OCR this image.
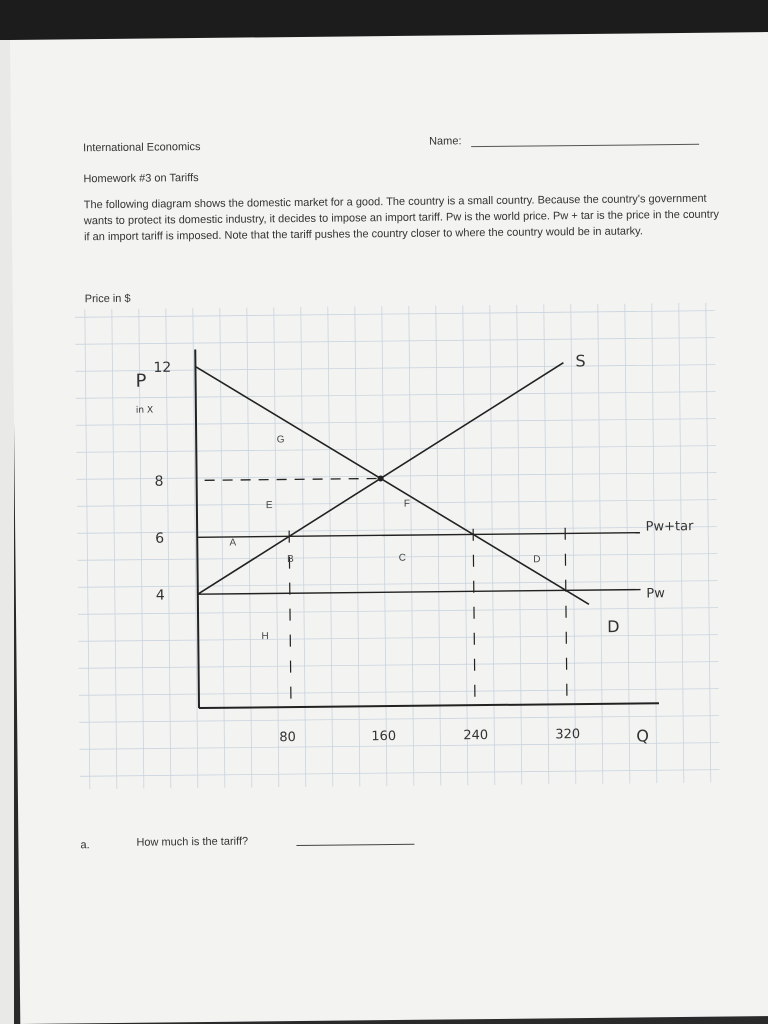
International Economics	Name:
Homework #3 on Tariffs
The following diagram shows the domestic market for a good. The country is a small country. Because the country's government wants to protect its domestic industry, it decides to impose an import tariff. Pw is the world price. Pw + tar is the price in the country if an import tariff is imposed. Note that the tariff pushes the country closer to where the country would be in autarky.
Price in $
Pw+tar
Pw
S
D
G
E	F
A
B	C	D
H
80	160	240	320
4
6
8
12
P
in X
Q
a.	How much is the tariff?
